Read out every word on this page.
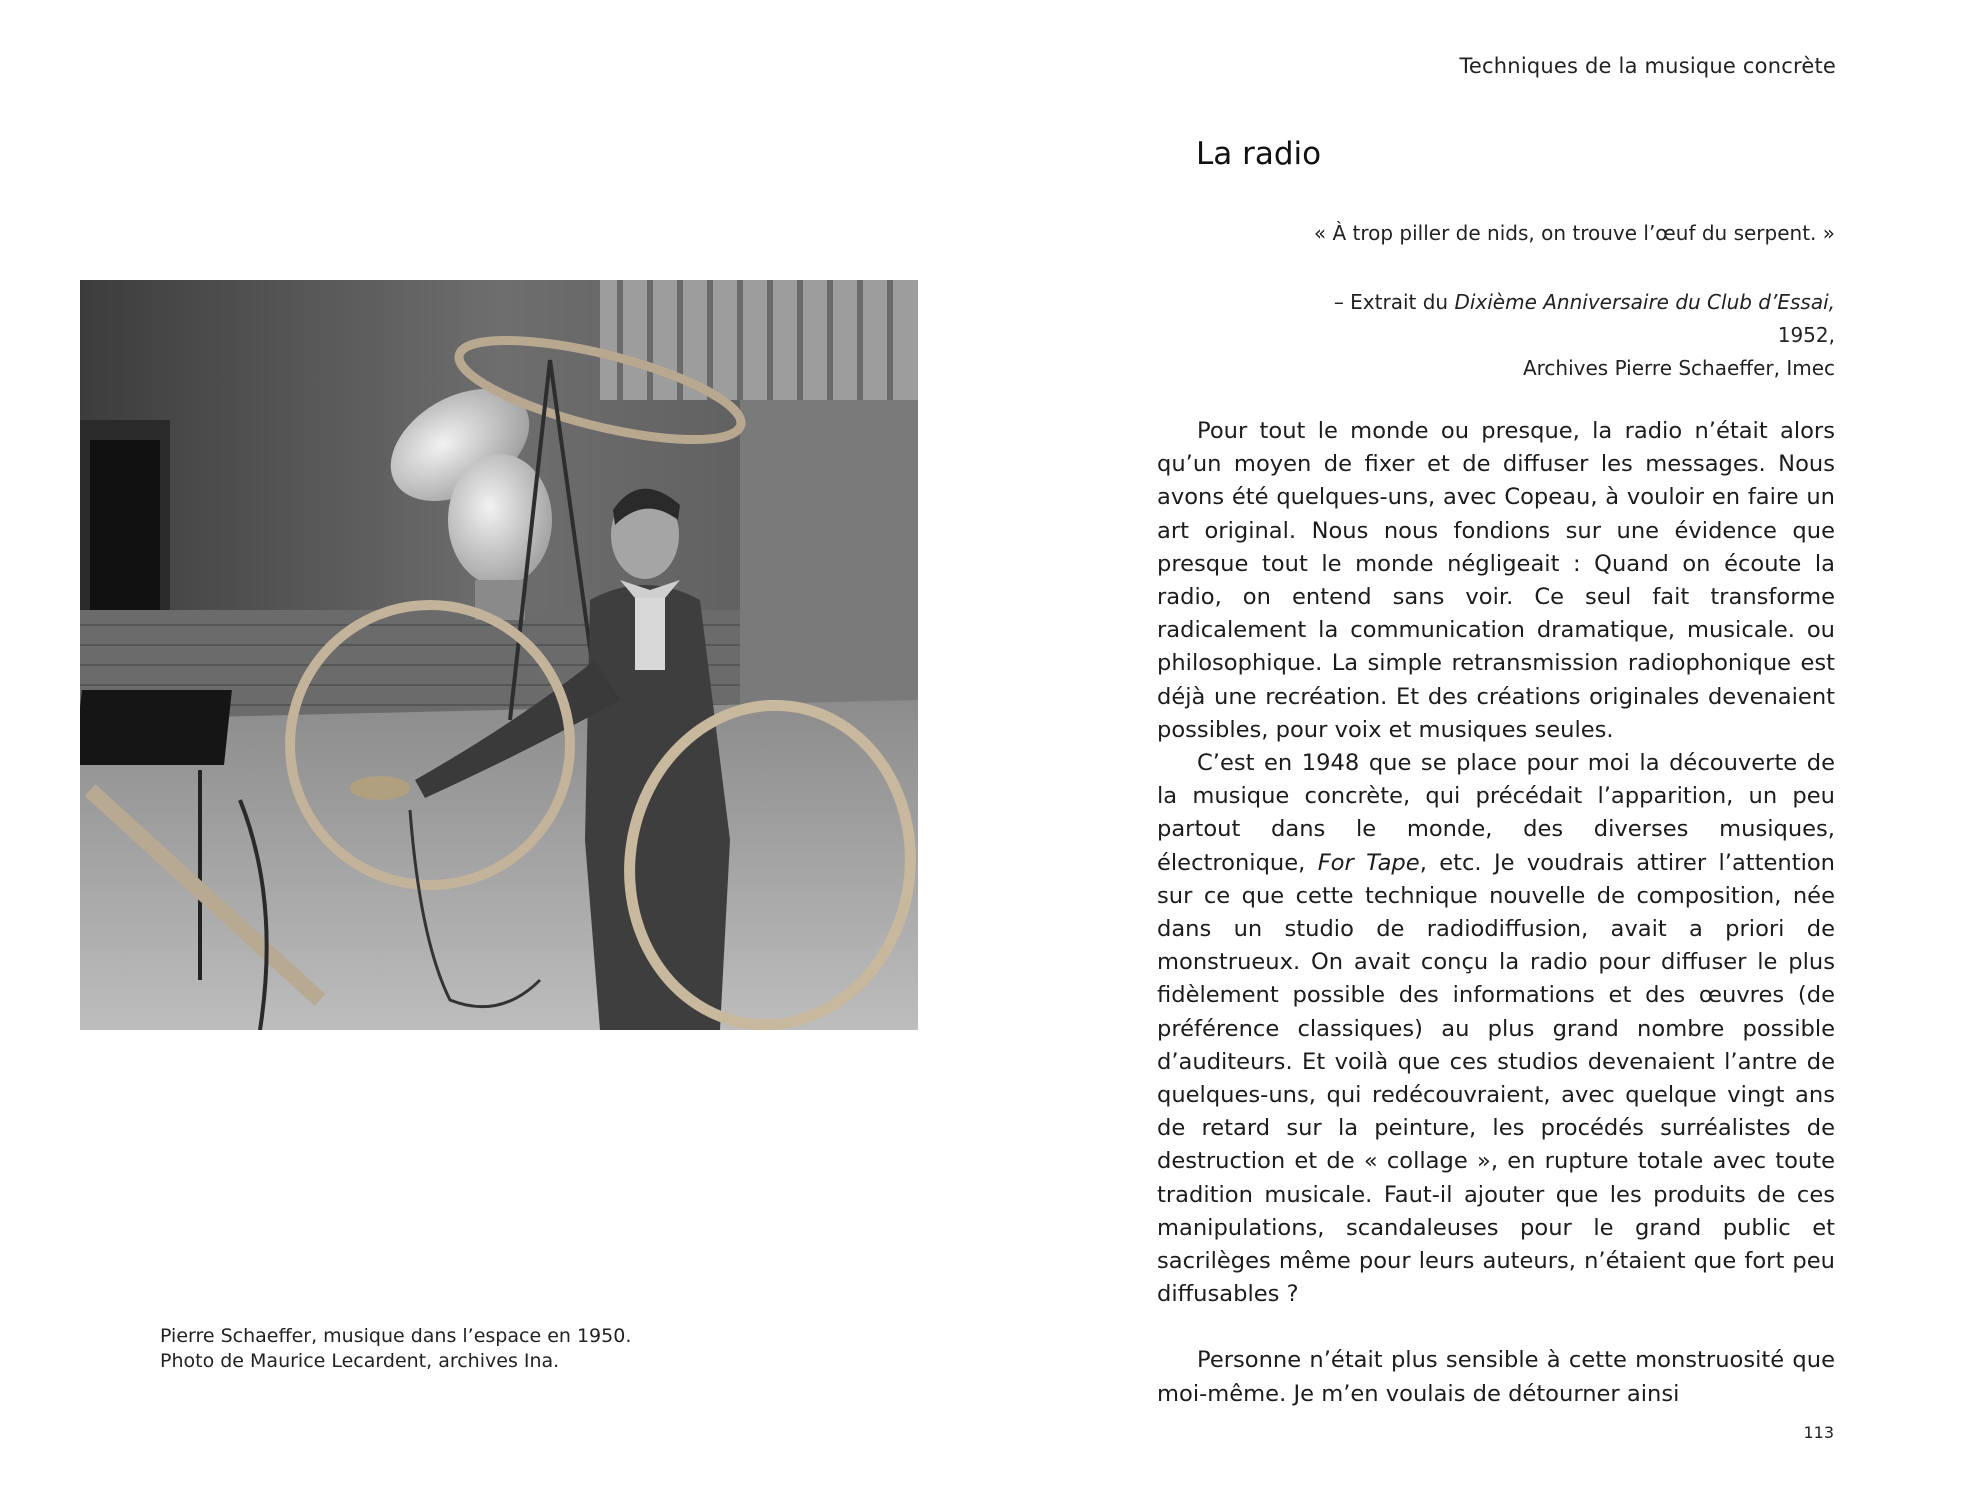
Techniques de la musique concrète
Pierre Schaeffer, musique dans l’espace en 1950.
Photo de Maurice Lecardent, archives Ina.
La radio
« À trop piller de nids, on trouve l’œuf du serpent. »
– Extrait du Dixième Anniversaire du Club d’Essai, 1952,
Archives Pierre Schaeffer, Imec

Pour tout le monde ou presque, la radio n’était alors qu’un moyen de fixer et de diffuser les messages. Nous avons été quelques-uns, avec Copeau, à vouloir en faire un art original. Nous nous fondions sur une évidence que presque tout le monde négligeait : Quand on écoute la radio, on entend sans voir. Ce seul fait transforme radicalement la communication dramatique, musicale. ou philosophique. La simple retransmission radiophonique est déjà une recréation. Et des créations originales devenaient possibles, pour voix et musiques seules.

C’est en 1948 que se place pour moi la découverte de la musique concrète, qui précédait l’apparition, un peu partout dans le monde, des diverses musiques, électronique, For Tape, etc. Je voudrais attirer l’attention sur ce que cette technique nouvelle de composition, née dans un studio de radiodiffusion, avait a priori de monstrueux. On avait conçu la radio pour diffuser le plus fidèlement possible des informations et des œuvres (de préférence classiques) au plus grand nombre possible d’auditeurs. Et voilà que ces studios devenaient l’antre de quelques-uns, qui redécouvraient, avec quelque vingt ans de retard sur la peinture, les procédés surréalistes de destruction et de « collage », en rupture totale avec toute tradition musicale. Faut-il ajouter que les produits de ces manipulations, scandaleuses pour le grand public et sacrilèges même pour leurs auteurs, n’étaient que fort peu diffusables ?

Personne n’était plus sensible à cette monstruosité que moi-même. Je m’en voulais de détourner ainsi

113
